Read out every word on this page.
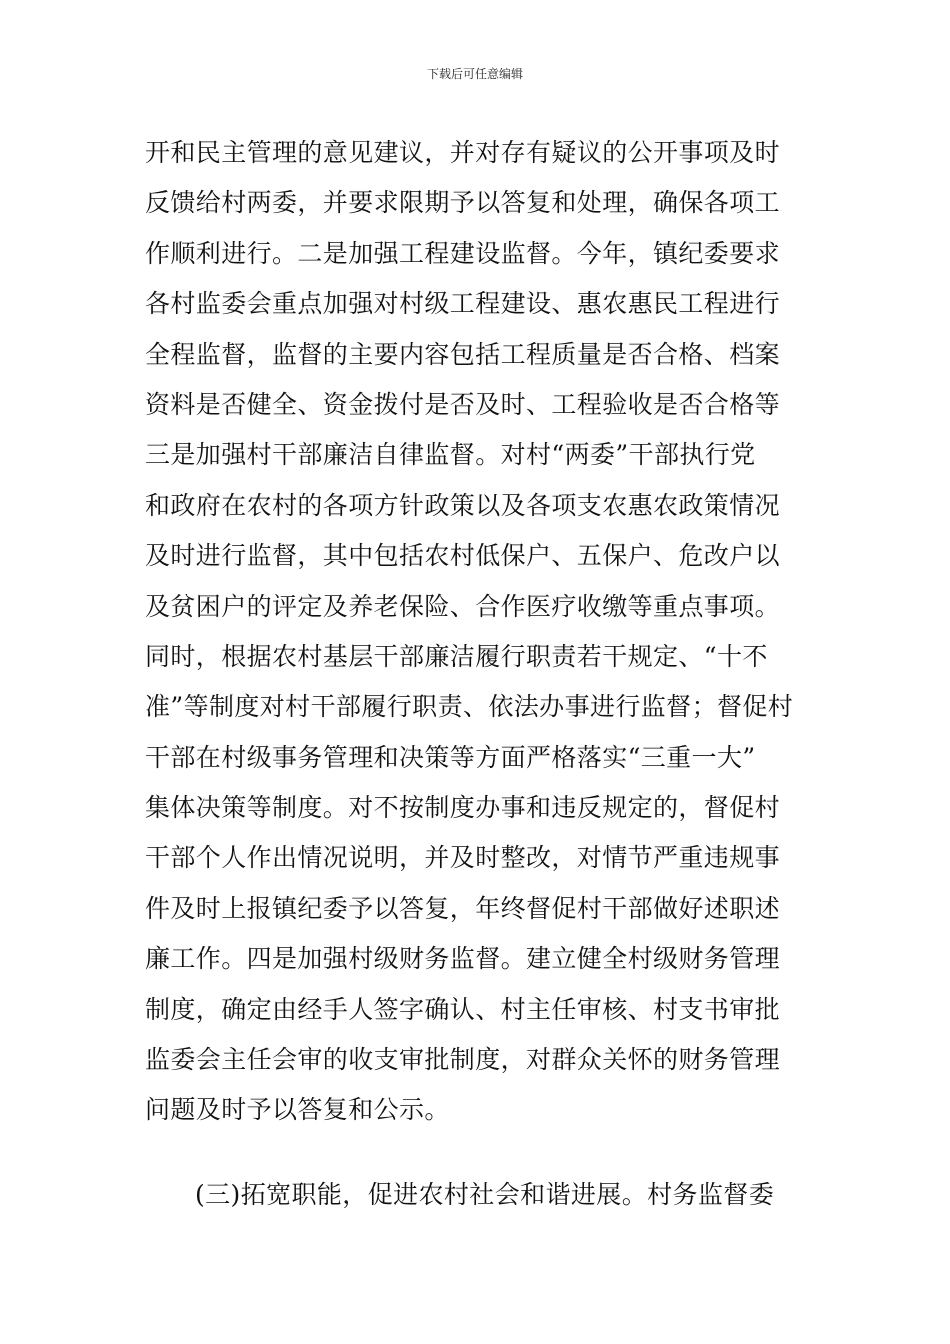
下载后可任意编辑
开和民主管理的意见建议，并对存有疑议的公开事项及时
反馈给村两委，并要求限期予以答复和处理，确保各项工
作顺利进行。二是加强工程建设监督。今年，镇纪委要求
各村监委会重点加强对村级工程建设、惠农惠民工程进行
全程监督，监督的主要内容包括工程质量是否合格、档案
资料是否健全、资金拨付是否及时、工程验收是否合格等
三是加强村干部廉洁自律监督。对村“两委”干部执行党
和政府在农村的各项方针政策以及各项支农惠农政策情况
及时进行监督，其中包括农村低保户、五保户、危改户以
及贫困户的评定及养老保险、合作医疗收缴等重点事项。
同时，根据农村基层干部廉洁履行职责若干规定、“十不
准”等制度对村干部履行职责、依法办事进行监督；督促村
干部在村级事务管理和决策等方面严格落实“三重一大”
集体决策等制度。对不按制度办事和违反规定的，督促村
干部个人作出情况说明，并及时整改，对情节严重违规事
件及时上报镇纪委予以答复，年终督促村干部做好述职述
廉工作。四是加强村级财务监督。建立健全村级财务管理
制度，确定由经手人签字确认、村主任审核、村支书审批
监委会主任会审的收支审批制度，对群众关怀的财务管理
问题及时予以答复和公示。
(三)拓宽职能，促进农村社会和谐进展。村务监督委
